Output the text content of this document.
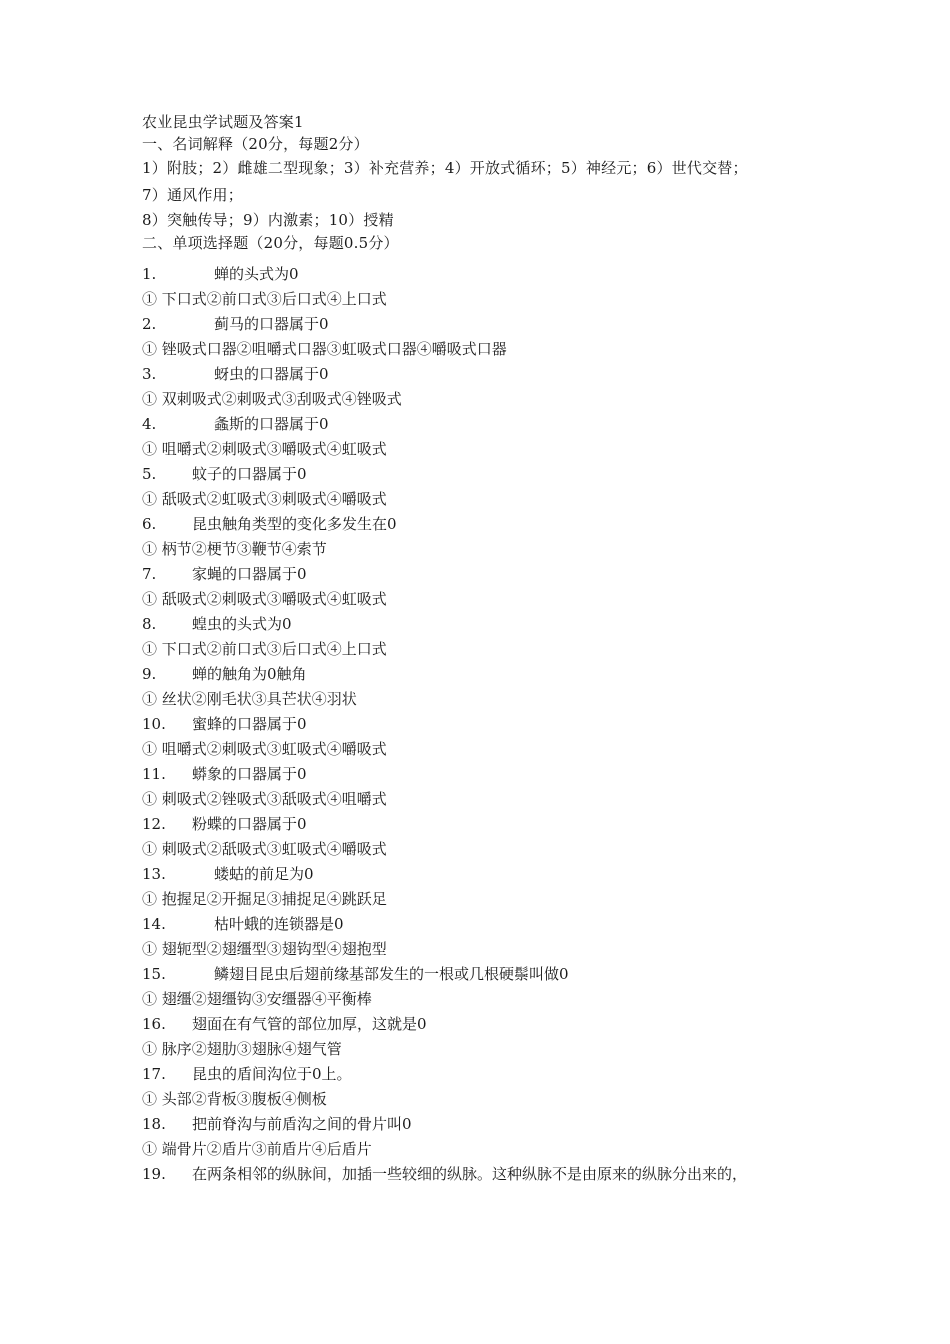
农业昆虫学试题及答案1
一、名词解释（20分，每题2分）
1）附肢；2）雌雄二型现象；3）补充营养；4）开放式循环；5）神经元；6）世代交替；
7）通风作用；
8）突触传导；9）内激素；10）授精
二、单项选择题（20分，每题0.5分）
1.	蝉的头式为0
① 下口式②前口式③后口式④上口式
2.	蓟马的口器属于0
① 锉吸式口器②咀嚼式口器③虹吸式口器④嚼吸式口器
3.	蚜虫的口器属于0
① 双刺吸式②刺吸式③刮吸式④锉吸式
4.	螽斯的口器属于0
① 咀嚼式②刺吸式③嚼吸式④虹吸式
5.	蚊子的口器属于0
① 舐吸式②虹吸式③刺吸式④嚼吸式
6.	昆虫触角类型的变化多发生在0
① 柄节②梗节③鞭节④索节
7.	家蝇的口器属于0
① 舐吸式②刺吸式③嚼吸式④虹吸式
8.	蝗虫的头式为0
① 下口式②前口式③后口式④上口式
9.	蝉的触角为0触角
① 丝状②刚毛状③具芒状④羽状
10.	蜜蜂的口器属于0
① 咀嚼式②刺吸式③虹吸式④嚼吸式
11.	蟒象的口器属于0
① 刺吸式②锉吸式③舐吸式④咀嚼式
12.	粉蝶的口器属于0
① 刺吸式②舐吸式③虹吸式④嚼吸式
13.	蝼蛄的前足为0
① 抱握足②开掘足③捕捉足④跳跃足
14.	枯叶蛾的连锁器是0
① 翅轭型②翅缰型③翅钩型④翅抱型
15.	鳞翅目昆虫后翅前缘基部发生的一根或几根硬鬃叫做0
① 翅缰②翅缰钩③安缰器④平衡棒
16.	翅面在有气管的部位加厚，这就是0
① 脉序②翅肋③翅脉④翅气管
17.	昆虫的盾间沟位于0上。
① 头部②背板③腹板④侧板
18.	把前脊沟与前盾沟之间的骨片叫0
① 端骨片②盾片③前盾片④后盾片
19.	在两条相邻的纵脉间，加插一些较细的纵脉。这种纵脉不是由原来的纵脉分出来的，
